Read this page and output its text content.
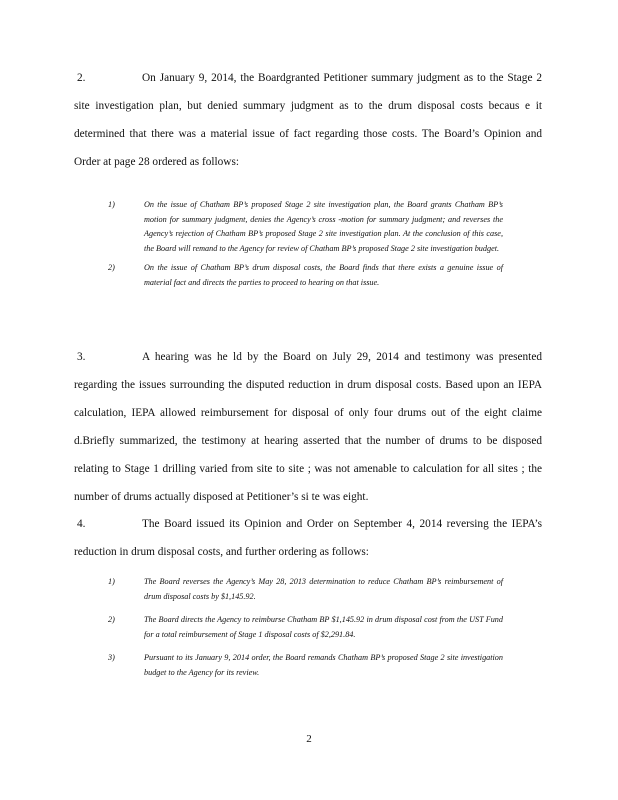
2.	On January 9, 2014, the Boardgranted Petitioner summary judgment as to the Stage 2 site investigation plan, but denied summary judgment as to the drum disposal costs becaus e it determined that there was a material issue of fact regarding those costs. The Board’s Opinion and Order at page 28 ordered as follows:

1)	On the issue of Chatham BP’s proposed Stage 2 site investigation plan, the Board grants Chatham BP’s motion for summary judgment, denies the Agency’s cross -motion for summary judgment; and reverses the Agency’s rejection of Chatham BP’s proposed Stage 2 site investigation plan. At the conclusion of this case, the Board will remand to the Agency for review of Chatham BP’s proposed Stage 2 site investigation budget.
2)	On the issue of Chatham BP’s drum disposal costs, the Board finds that there exists a genuine issue of material fact and directs the parties to proceed to hearing on that issue.

3.	A hearing was he ld by the Board on July 29, 2014 and testimony was presented regarding the issues surrounding the disputed reduction in drum disposal costs. Based upon an IEPA calculation, IEPA allowed reimbursement for disposal of only four drums out of the eight claime d.Briefly summarized, the testimony at hearing asserted that the number of drums to be disposed relating to Stage 1 drilling varied from site to site ; was not amenable to calculation for all sites ; the number of drums actually disposed at Petitioner’s si te was eight.

4.	The Board issued its Opinion and Order on September 4, 2014 reversing the IEPA’s reduction in drum disposal costs, and further ordering as follows:

1)	The Board reverses the Agency’s May 28, 2013 determination to reduce Chatham BP’s reimbursement of drum disposal costs by $1,145.92.
2)	The Board directs the Agency to reimburse Chatham BP $1,145.92 in drum disposal cost from the UST Fund for a total reimbursement of Stage 1 disposal costs of $2,291.84.
3)	Pursuant to its January 9, 2014 order, the Board remands Chatham BP’s proposed Stage 2 site investigation budget to the Agency for its review.
2
